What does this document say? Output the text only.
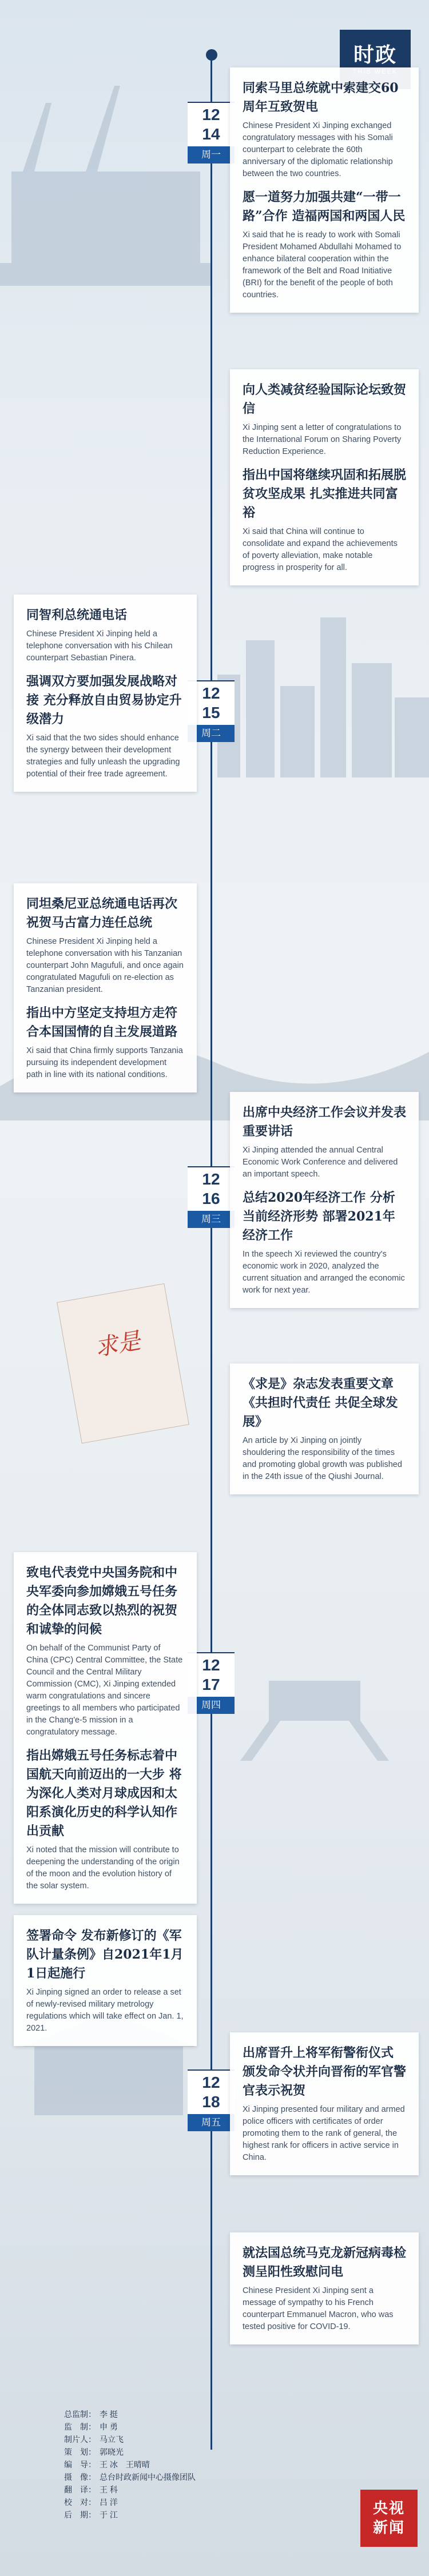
求是
时政
12
14
周一

同索马里总统就中索建交60周年互致贺电

Chinese President Xi Jinping exchanged congratulatory messages with his Somali counterpart to celebrate the 60th anniversary of the diplomatic relationship between the two countries.

愿一道努力加强共建“一带一路”合作 造福两国和两国人民

Xi said that he is ready to work with Somali President Mohamed Abdullahi Mohamed to enhance bilateral cooperation within the framework of the Belt and Road Initiative (BRI) for the benefit of the people of both countries.

向人类减贫经验国际论坛致贺信

Xi Jinping sent a letter of congratulations to the International Forum on Sharing Poverty Reduction Experience.

指出中国将继续巩固和拓展脱贫攻坚成果 扎实推进共同富裕

Xi said that China will continue to consolidate and expand the achievements of poverty alleviation, make notable progress in prosperity for all.

12
15
周二

同智利总统通电话

Chinese President Xi Jinping held a telephone conversation with his Chilean counterpart Sebastian Pinera.

强调双方要加强发展战略对接 充分释放自由贸易协定升级潜力

Xi said that the two sides should enhance the synergy between their development strategies and fully unleash the upgrading potential of their free trade agreement.

同坦桑尼亚总统通电话再次祝贺马古富力连任总统

Chinese President Xi Jinping held a telephone conversation with his Tanzanian counterpart John Magufuli, and once again congratulated Magufuli on re-election as Tanzanian president.

指出中方坚定支持坦方走符合本国国情的自主发展道路

Xi said that China firmly supports Tanzania pursuing its independent development path in line with its national conditions.

12
16
周三

出席中央经济工作会议并发表重要讲话

Xi Jinping attended the annual Central Economic Work Conference and delivered an important speech.

总结2020年经济工作 分析当前经济形势 部署2021年经济工作

In the speech Xi reviewed the country's economic work in 2020, analyzed the current situation and arranged the economic work for next year.

《求是》杂志发表重要文章《共担时代责任 共促全球发展》

An article by Xi Jinping on jointly shouldering the responsibility of the times and promoting global growth was published in the 24th issue of the Qiushi Journal.

12
17
周四

致电代表党中央国务院和中央军委向参加嫦娥五号任务的全体同志致以热烈的祝贺和诚挚的问候

On behalf of the Communist Party of China (CPC) Central Committee, the State Council and the Central Military Commission (CMC), Xi Jinping extended warm congratulations and sincere greetings to all members who participated in the Chang'e-5 mission in a congratulatory message.

指出嫦娥五号任务标志着中国航天向前迈出的一大步 将为深化人类对月球成因和太阳系演化历史的科学认知作出贡献

Xi noted that the mission will contribute to deepening the understanding of the origin of the moon and the evolution history of the solar system.

签署命令 发布新修订的《军队计量条例》自2021年1月1日起施行

Xi Jinping signed an order to release a set of newly-revised military metrology regulations which will take effect on Jan. 1, 2021.

12
18
周五

出席晋升上将军衔警衔仪式 颁发命令状并向晋衔的军官警官表示祝贺

Xi Jinping presented four military and armed police officers with certificates of order promoting them to the rank of general, the highest rank for officers in active service in China.

就法国总统马克龙新冠病毒检测呈阳性致慰问电

Chinese President Xi Jinping sent a message of sympathy to his French counterpart Emmanuel Macron, who was tested positive for COVID-19.

总监制： 李 挺
监　制： 申 勇
制片人： 马立飞
策　划： 郭晓光
编　导： 王 冰　王晴晴
摄　像： 总台时政新闻中心摄像团队
翻　译： 王 科
校　对： 吕 洋
后　期： 于 江	央视
新闻
